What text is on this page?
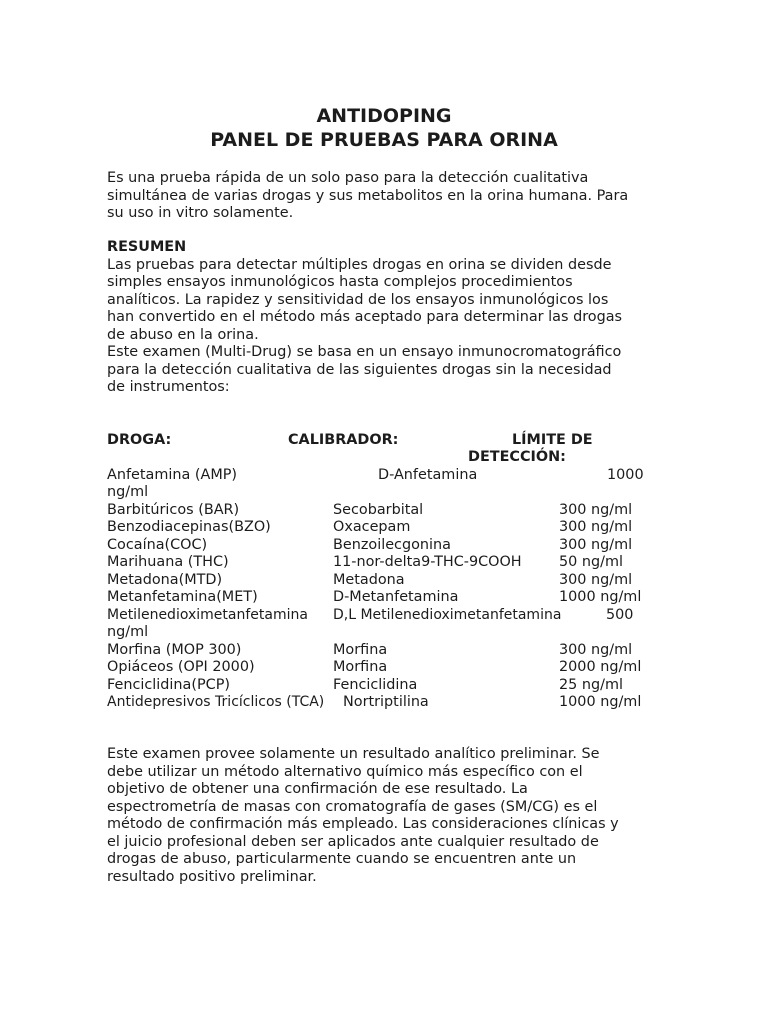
ANTIDOPING
PANEL DE PRUEBAS PARA ORINA
Es una prueba rápida de un solo paso para la detección cualitativa
simultánea de varias drogas y sus metabolitos en la orina humana. Para
su uso in vitro solamente.
RESUMEN
Las pruebas para detectar múltiples drogas en orina se dividen desde
simples ensayos inmunológicos hasta complejos procedimientos
analíticos. La rapidez y sensitividad de los ensayos inmunológicos los
han convertido en el método más aceptado para determinar las drogas
de abuso en la orina.
Este examen (Multi-Drug) se basa en un ensayo inmunocromatográfico
para la detección cualitativa de las siguientes drogas sin la necesidad
de instrumentos:
DROGA:	CALIBRADOR:	LÍMITE DE
DETECCIÓN:
Anfetamina (AMP)	D-Anfetamina	1000
ng/ml
Barbitúricos (BAR)	Secobarbital	300 ng/ml
Benzodiacepinas(BZO)	Oxacepam	300 ng/ml
Cocaína(COC)	Benzoilecgonina	300 ng/ml
Marihuana (THC)	11-nor-delta9-THC-9COOH	50 ng/ml
Metadona(MTD)	Metadona	300 ng/ml
Metanfetamina(MET)	D-Metanfetamina	1000 ng/ml
Metilenedioximetanfetamina D,L Metilenedioximetanfetamina	500
ng/ml
Morfina (MOP 300)	Morfina	300 ng/ml
Opiáceos (OPI 2000)	Morfina	2000 ng/ml
Fenciclidina(PCP)	Fenciclidina	25 ng/ml
Antidepresivos Tricíclicos (TCA) Nortriptilina	1000 ng/ml
Este examen provee solamente un resultado analítico preliminar. Se
debe utilizar un método alternativo químico más específico con el
objetivo de obtener una confirmación de ese resultado. La
espectrometría de masas con cromatografía de gases (SM/CG) es el
método de confirmación más empleado. Las consideraciones clínicas y
el juicio profesional deben ser aplicados ante cualquier resultado de
drogas de abuso, particularmente cuando se encuentren ante un
resultado positivo preliminar.
